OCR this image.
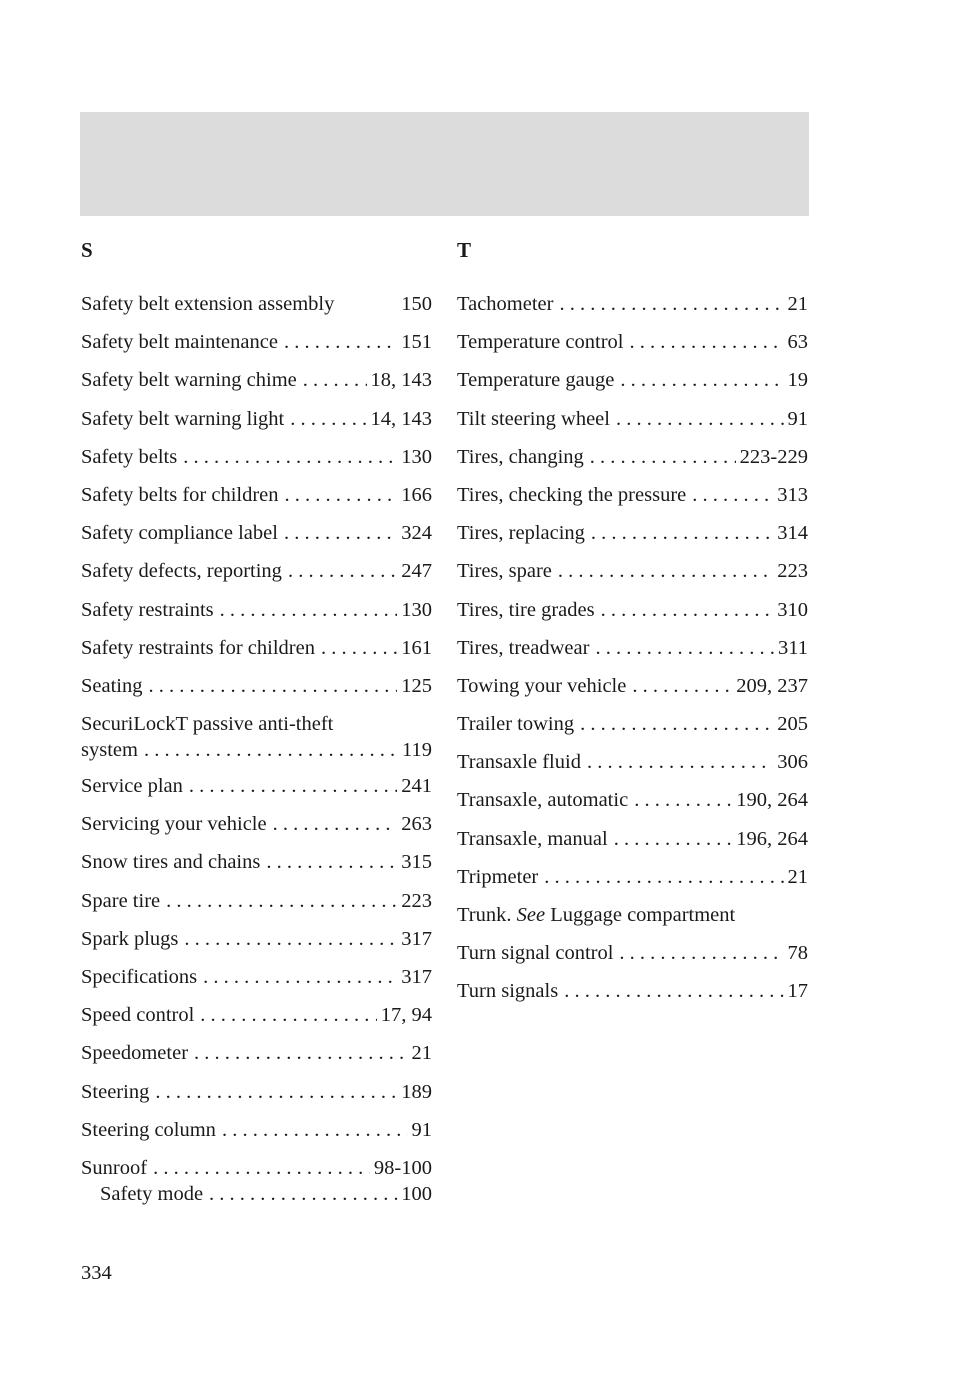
S
Safety belt extension assembly	150
Safety belt maintenance . . .	151
Safety belt warning chime . . .	18, 143
Safety belt warning light . . .	14, 143
Safety belts . . .	130
Safety belts for children . . .	166
Safety compliance label . . .	324
Safety defects, reporting . . .	247
Safety restraints . . .	130
Safety restraints for children . . .	161
Seating . . .	125
SecuriLockT passive anti-theft
system . . .	119
Service plan . . .	241
Servicing your vehicle . . .	263
Snow tires and chains . . .	315
Spare tire . . .	223
Spark plugs . . .	317
Specifications . . .	317
Speed control . . .	17, 94
Speedometer . . .	21
Steering . . .	189
Steering column . . .	91
Sunroof . . .	98-100
Safety mode . . .	100
T
Tachometer . . .	21
Temperature control . . .	63
Temperature gauge . . .	19
Tilt steering wheel . . .	91
Tires, changing . . .	223-229
Tires, checking the pressure . . .	313
Tires, replacing . . .	314
Tires, spare . . .	223
Tires, tire grades . . .	310
Tires, treadwear . . .	311
Towing your vehicle . . .	209, 237
Trailer towing . . .	205
Transaxle fluid . . .	306
Transaxle, automatic . . .	190, 264
Transaxle, manual . . .	196, 264
Tripmeter . . .	21
Trunk. See Luggage compartment
Turn signal control . . .	78
Turn signals . . .	17
334
